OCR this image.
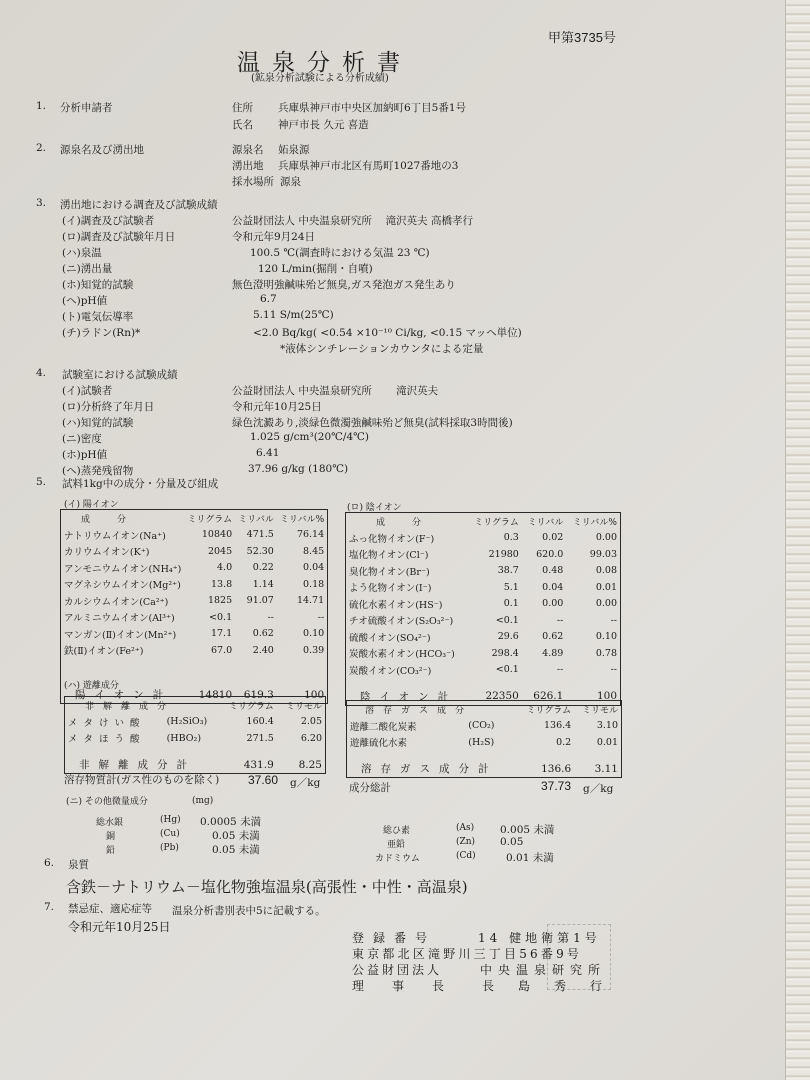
甲第3735号
温泉分析書
(鉱泉分析試験による分析成績)
1. 分析申請者	住所 兵庫県神戸市中央区加納町6丁目5番1号
氏名 神戸市長 久元 喜造
2. 源泉名及び湧出地	源泉名 妬泉源
湧出地 兵庫県神戸市北区有馬町1027番地の3
採水場所 源泉
3. 湧出地における調査及び試験成績
(イ)調査及び試験者	公益財団法人 中央温泉研究所　 滝沢英夫 高橋孝行
(ロ)調査及び試験年月日	令和元年9月24日
(ハ)泉温	100.5 ℃(調査時における気温 23 ℃)
(ニ)湧出量	120 L/min(掘削・自噴)
(ホ)知覚的試験	無色澄明強鹹味殆ど無臭,ガス発泡ガス発生あり
(ヘ)pH値	6.7
(ト)電気伝導率	5.11 S/m(25℃)
(チ)ラドン(Rn)*	<2.0 Bq/kg( <0.54 ×10⁻¹⁰ Ci/kg, <0.15 マッヘ単位)
*液体シンチレーションカウンタによる定量
4. 試験室における試験成績
(イ)試験者	公益財団法人 中央温泉研究所　　 滝沢英夫
(ロ)分析終了年月日	令和元年10月25日
(ハ)知覚的試験	緑色沈澱あり,淡緑色微濁強鹹味殆ど無臭(試料採取3時間後)
(ニ)密度	1.025 g/cm³(20℃/4℃)
(ホ)pH値	6.41
(ヘ)蒸発残留物	37.96 g/kg (180℃)
5. 試料1kg中の成分・分量及び組成
(イ) 陽イオン
成　分	ミリグラム	ミリバル	ミリバル%
ナトリウムイオン(Na⁺)	10840	471.5	76.14
カリウムイオン(K⁺)	2045	52.30	8.45
アンモニウムイオン(NH₄⁺)	4.0	0.22	0.04
マグネシウムイオン(Mg²⁺)	13.8	1.14	0.18
カルシウムイオン(Ca²⁺)	1825	91.07	14.71
アルミニウムイオン(Al³⁺)	<0.1	--	--
マンガン(Ⅱ)イオン(Mn²⁺)	17.1	0.62	0.10
鉄(Ⅱ)イオン(Fe²⁺)	67.0	2.40	0.39
陽イオン計	14810	619.3	100
(ロ) 陰イオン
成　分	ミリグラム	ミリバル	ミリバル%
ふっ化物イオン(F⁻)	0.3	0.02	0.00
塩化物イオン(Cl⁻)	21980	620.0	99.03
臭化物イオン(Br⁻)	38.7	0.48	0.08
よう化物イオン(I⁻)	5.1	0.04	0.01
硫化水素イオン(HS⁻)	0.1	0.00	0.00
チオ硫酸イオン(S₂O₃²⁻)	<0.1	--	--
硫酸イオン(SO₄²⁻)	29.6	0.62	0.10
炭酸水素イオン(HCO₃⁻)	298.4	4.89	0.78
炭酸イオン(CO₃²⁻)	<0.1	--	--
陰イオン計	22350	626.1	100
(ハ) 遊離成分
非解離成分		ミリグラム	ミリモル
メタけい酸	(H₂SiO₃)	160.4	2.05
メタほう酸	(HBO₂)	271.5	6.20
非解離成分計		431.9	8.25
溶存ガス成分		ミリグラム	ミリモル
遊離二酸化炭素	(CO₂)	136.4	3.10
遊離硫化水素	(H₂S)	0.2	0.01
溶存ガス成分計		136.6	3.11
溶存物質計(ガス性のものを除く) 37.60 g／kg	成分総計	37.73 g／kg
(ニ) その他微量成分	(mg)
総水銀	(Hg) 0.0005 未満
銅	(Cu)	0.05 未満
鉛	(Pb)	0.05 未満
総ひ素	(As) 0.005 未満
亜鉛	(Zn) 0.05
カドミウム	(Cd)	0.01 未満
6. 泉質
含鉄－ナトリウム－塩化物強塩温泉(高張性・中性・高温泉)
7. 禁忌症、適応症等 温泉分析書別表中5に記載する。
令和元年10月25日
登録番号	14 健地衛第1号
東京都北区滝野川三丁目56番9号
公益財団法人	中央温泉研究所
理事長 長島秀行
